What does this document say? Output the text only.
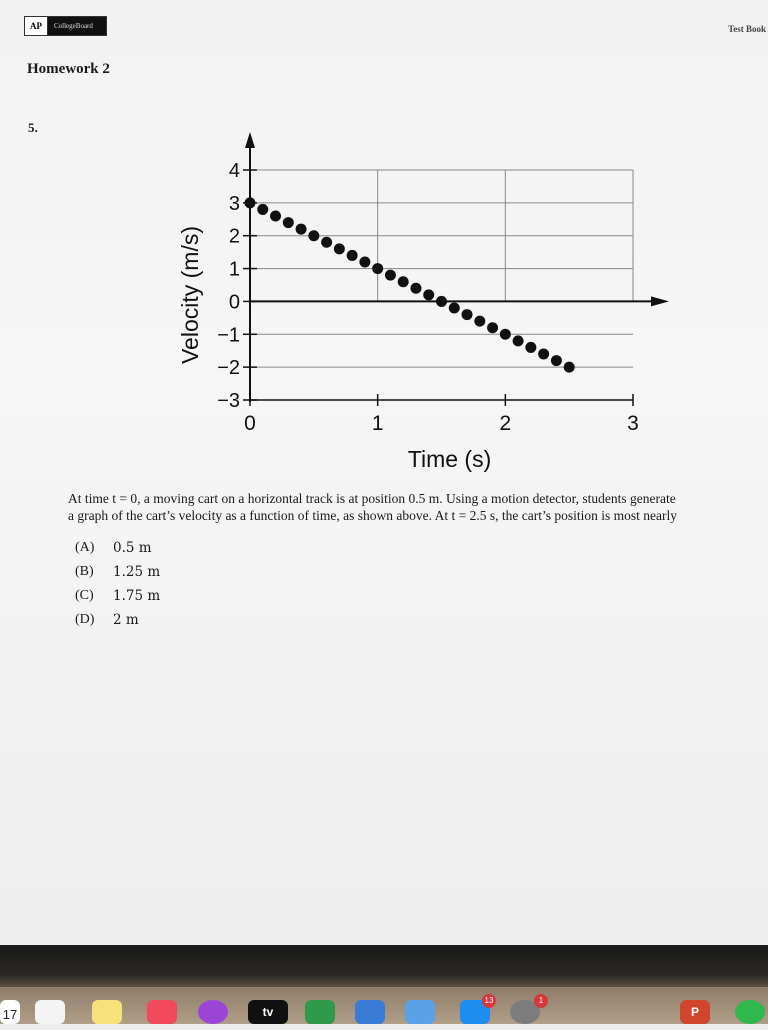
AP	CollegeBoard	Test Book
Homework 2
5.
4
3
2
1
0
−1
−2
−3
0	1	2	3
Time (s)
Velocity (m/s)
At time t = 0, a moving cart on a horizontal track is at position 0.5 m. Using a motion detector, students generate
a graph of the cart’s velocity as a function of time, as shown above. At t = 2.5 s, the cart’s position is most nearly
(A)	0.5 m
(B)	1.25 m
(C)	1.75 m
(D)	2 m
17	tv
13	1
P
